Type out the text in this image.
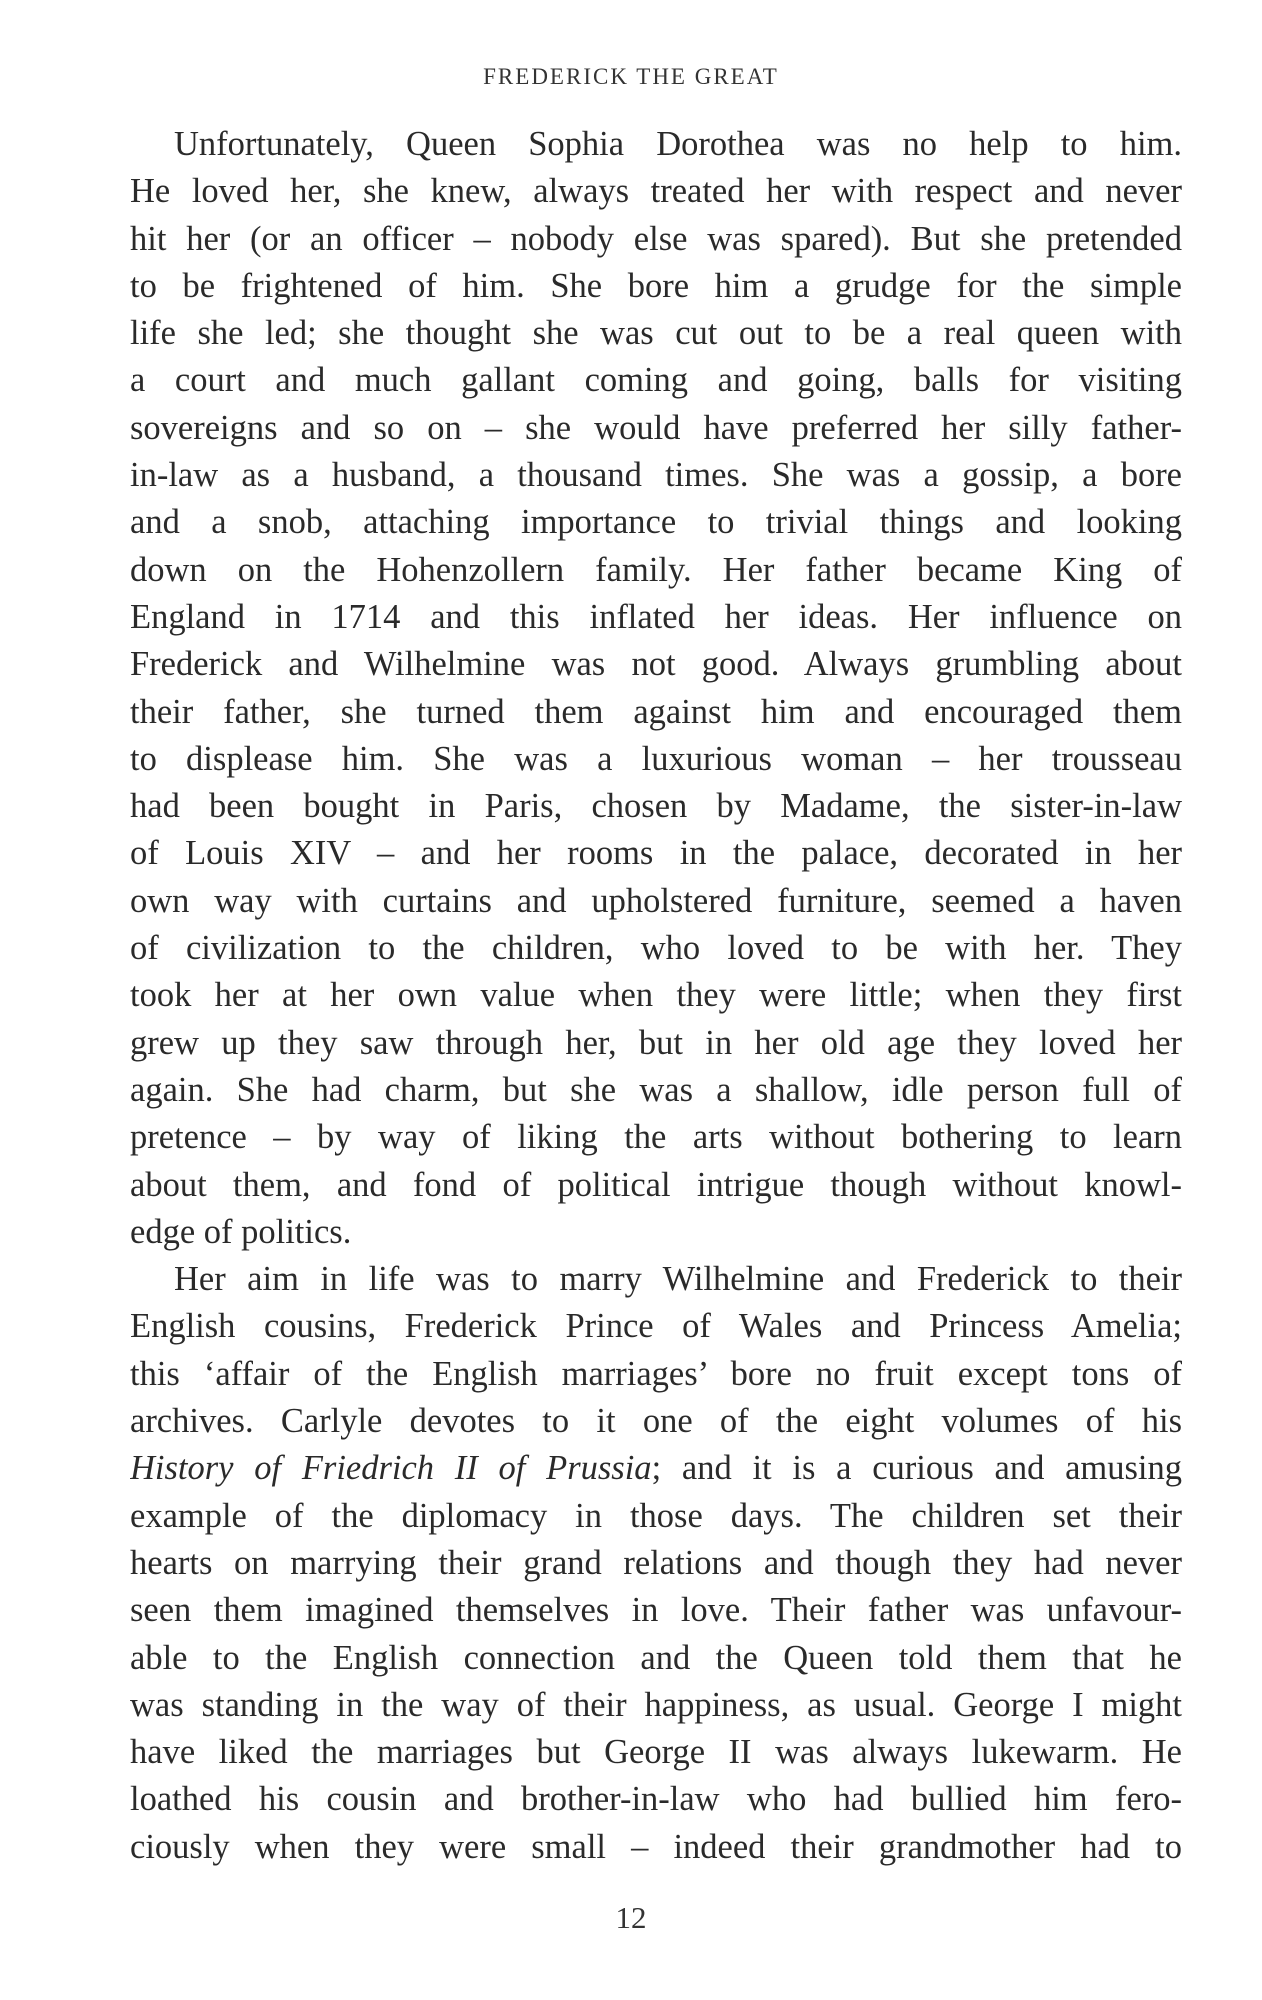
FREDERICK THE GREAT
Unfortunately, Queen Sophia Dorothea was no help to him.
He loved her, she knew, always treated her with respect and never
hit her (or an officer – nobody else was spared). But she pretended
to be frightened of him. She bore him a grudge for the simple
life she led; she thought she was cut out to be a real queen with
a court and much gallant coming and going, balls for visiting
sovereigns and so on – she would have preferred her silly father-
in-law as a husband, a thousand times. She was a gossip, a bore
and a snob, attaching importance to trivial things and looking
down on the Hohenzollern family. Her father became King of
England in 1714 and this inflated her ideas. Her influence on
Frederick and Wilhelmine was not good. Always grumbling about
their father, she turned them against him and encouraged them
to displease him. She was a luxurious woman – her trousseau
had been bought in Paris, chosen by Madame, the sister-in-law
of Louis XIV – and her rooms in the palace, decorated in her
own way with curtains and upholstered furniture, seemed a haven
of civilization to the children, who loved to be with her. They
took her at her own value when they were little; when they first
grew up they saw through her, but in her old age they loved her
again. She had charm, but she was a shallow, idle person full of
pretence – by way of liking the arts without bothering to learn
about them, and fond of political intrigue though without knowl-
edge of politics.
Her aim in life was to marry Wilhelmine and Frederick to their
English cousins, Frederick Prince of Wales and Princess Amelia;
this ‘affair of the English marriages’ bore no fruit except tons of
archives. Carlyle devotes to it one of the eight volumes of his
History of Friedrich II of Prussia; and it is a curious and amusing
example of the diplomacy in those days. The children set their
hearts on marrying their grand relations and though they had never
seen them imagined themselves in love. Their father was unfavour-
able to the English connection and the Queen told them that he
was standing in the way of their happiness, as usual. George I might
have liked the marriages but George II was always lukewarm. He
loathed his cousin and brother-in-law who had bullied him fero-
ciously when they were small – indeed their grandmother had to
12
